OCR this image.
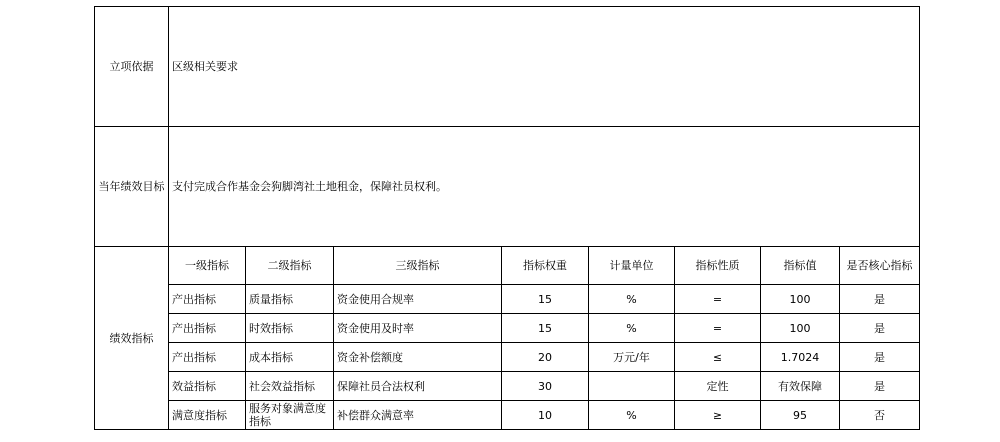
立项依据	区级相关要求							
当年绩效目标	支付完成合作基金会狗脚湾社土地租金，保障社员权利。							
绩效指标	一级指标	二级指标	三级指标	指标权重	计量单位	指标性质	指标值	是否核心指标
	产出指标	质量指标	资金使用合规率	15	%	=	100	是
	产出指标	时效指标	资金使用及时率	15	%	=	100	是
	产出指标	成本指标	资金补偿额度	20	万元/年	≤	1.7024	是
	效益指标	社会效益指标	保障社员合法权利	30		定性	有效保障	是
	满意度指标	服务对象满意度指标	补偿群众满意率	10	%	≥	95	否
